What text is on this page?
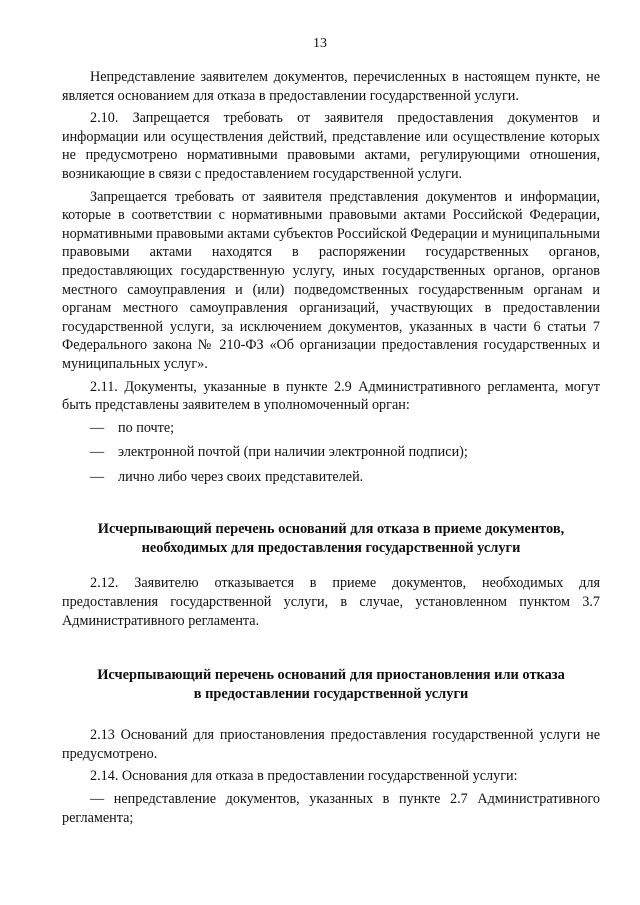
13

Непредставление заявителем документов, перечисленных в настоящем пункте, не является основанием для отказа в предоставлении государственной услуги.

2.10. Запрещается требовать от заявителя предоставления документов и информации или осуществления действий, представление или осуществление которых не предусмотрено нормативными правовыми актами, регулирующими отношения, возникающие в связи с предоставлением государственной услуги.

Запрещается требовать от заявителя представления документов и информации, которые в соответствии с нормативными правовыми актами Российской Федерации, нормативными правовыми актами субъектов Российской Федерации и муниципальными правовыми актами находятся в распоряжении государственных органов, предоставляющих государственную услугу, иных государственных органов, органов местного самоуправления и (или) подведомственных государственным органам и органам местного самоуправления организаций, участвующих в предоставлении государственной услуги, за исключением документов, указанных в части 6 статьи 7 Федерального закона № 210-ФЗ «Об организации предоставления государственных и муниципальных услуг».

2.11. Документы, указанные в пункте 2.9 Административного регламента, могут быть представлены заявителем в уполномоченный орган:

— по почте;
— электронной почтой (при наличии электронной подписи);
— лично либо через своих представителей.
Исчерпывающий перечень оснований для отказа в приеме документов,
необходимых для предоставления государственной услуги

2.12. Заявителю отказывается в приеме документов, необходимых для предоставления государственной услуги, в случае, установленном пунктом 3.7 Административного регламента.

Исчерпывающий перечень оснований для приостановления или отказа
в предоставлении государственной услуги

2.13 Оснований для приостановления предоставления государственной услуги не предусмотрено.

2.14. Основания для отказа в предоставлении государственной услуги:

— непредставление документов, указанных в пункте 2.7 Административного регламента;
